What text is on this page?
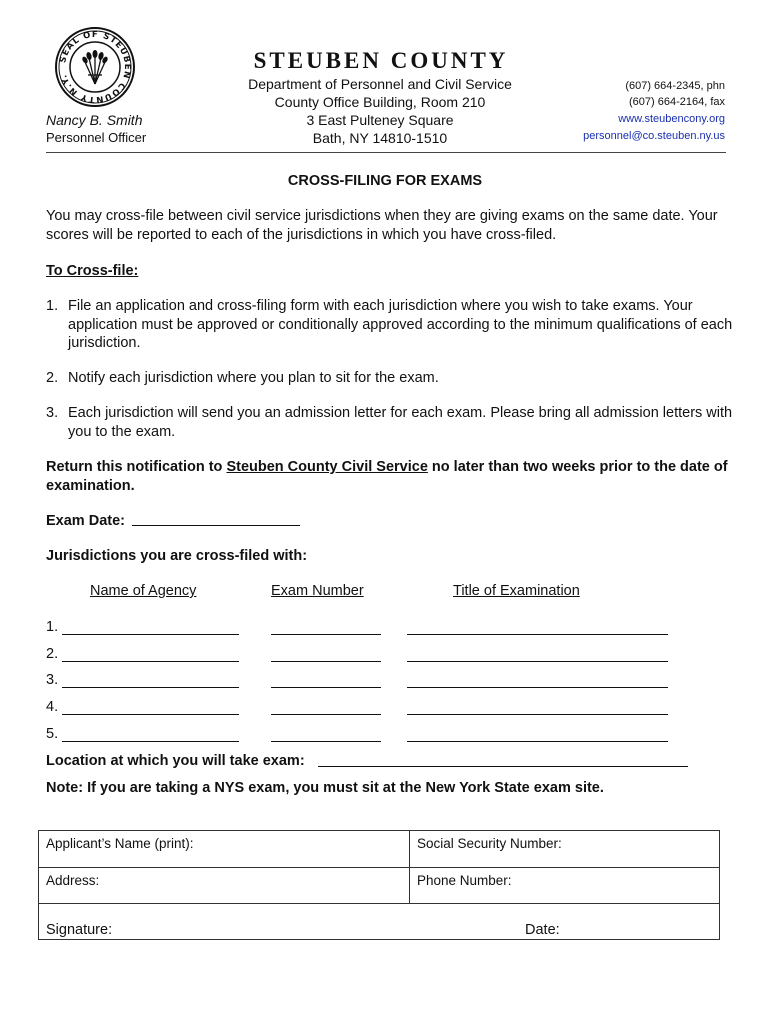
SEAL OF STEUBEN COUNTY N.Y.
STEUBEN COUNTY
Department of Personnel and Civil Service
County Office Building, Room 210
3 East Pulteney Square
Bath, NY 14810-1510
Nancy B. Smith
Personnel Officer
(607) 664-2345, phn
(607) 664-2164, fax
www.steubencony.org
personnel@co.steuben.ny.us
CROSS-FILING FOR EXAMS
You may cross-file between civil service jurisdictions when they are giving exams on the same date. Your scores will be reported to each of the jurisdictions in which you have cross-filed.
To Cross-file:
1. File an application and cross-filing form with each jurisdiction where you wish to take exams. Your application must be approved or conditionally approved according to the minimum qualifications of each jurisdiction.
2. Notify each jurisdiction where you plan to sit for the exam.
3. Each jurisdiction will send you an admission letter for each exam. Please bring all admission letters with you to the exam.
Return this notification to Steuben County Civil Service no later than two weeks prior to the date of examination.
Exam Date:
Jurisdictions you are cross-filed with:
Name of Agency	Exam Number	Title of Examination
1.
2.
3.
4.
5.
Location at which you will take exam:
Note: If you are taking a NYS exam, you must sit at the New York State exam site.
Applicant’s Name (print):	Social Security Number:
Address:	Phone Number:

Signature: Date:	
